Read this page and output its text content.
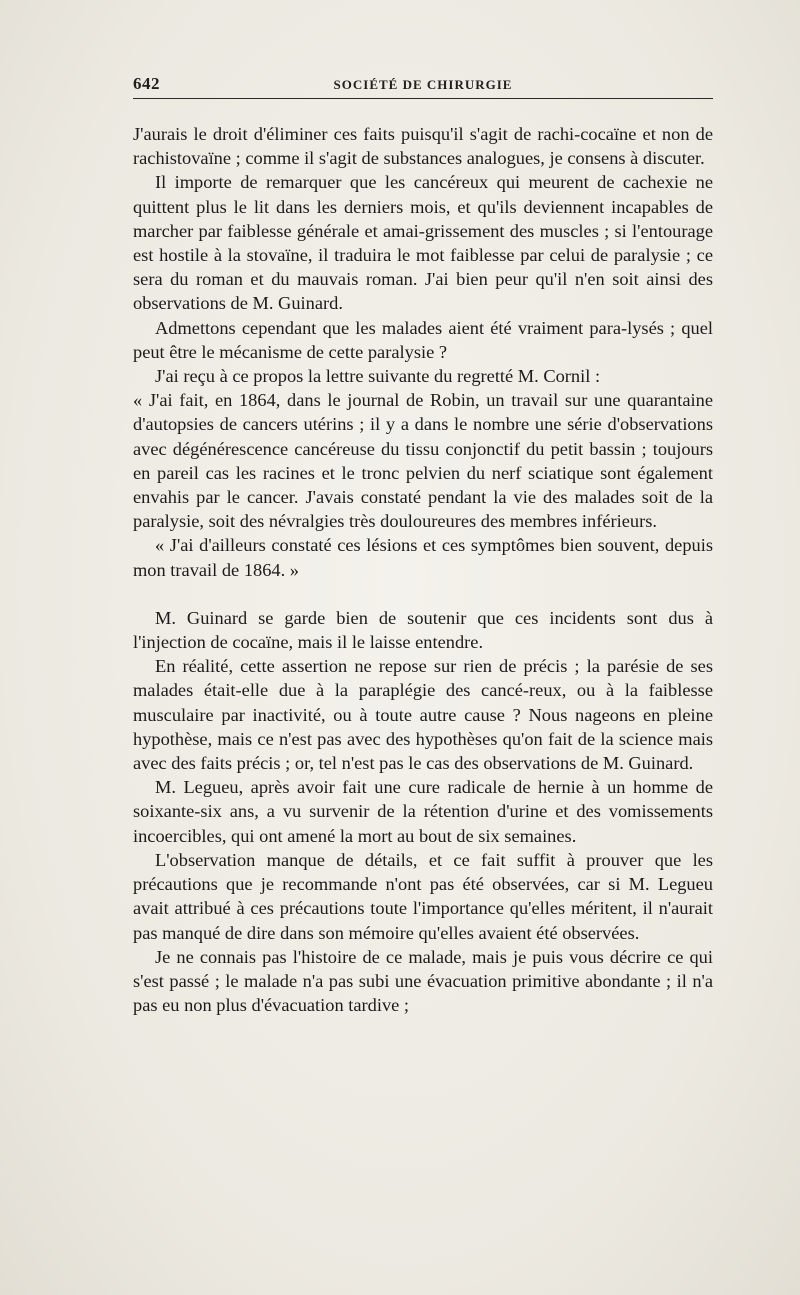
642	SOCIÉTÉ DE CHIRURGIE

J'aurais le droit d'éliminer ces faits puisqu'il s'agit de rachi-cocaïne et non de rachistovaïne ; comme il s'agit de substances analogues, je consens à discuter.

Il importe de remarquer que les cancéreux qui meurent de cachexie ne quittent plus le lit dans les derniers mois, et qu'ils deviennent incapables de marcher par faiblesse générale et amai-grissement des muscles ; si l'entourage est hostile à la stovaïne, il traduira le mot faiblesse par celui de paralysie ; ce sera du roman et du mauvais roman. J'ai bien peur qu'il n'en soit ainsi des observations de M. Guinard.

Admettons cependant que les malades aient été vraiment para-lysés ; quel peut être le mécanisme de cette paralysie ?

J'ai reçu à ce propos la lettre suivante du regretté M. Cornil :

« J'ai fait, en 1864, dans le journal de Robin, un travail sur une quarantaine d'autopsies de cancers utérins ; il y a dans le nombre une série d'observations avec dégénérescence cancéreuse du tissu conjonctif du petit bassin ; toujours en pareil cas les racines et le tronc pelvien du nerf sciatique sont également envahis par le cancer. J'avais constaté pendant la vie des malades soit de la paralysie, soit des névralgies très douloureures des membres inférieurs.

« J'ai d'ailleurs constaté ces lésions et ces symptômes bien souvent, depuis mon travail de 1864. »

M. Guinard se garde bien de soutenir que ces incidents sont dus à l'injection de cocaïne, mais il le laisse entendre.

En réalité, cette assertion ne repose sur rien de précis ; la parésie de ses malades était-elle due à la paraplégie des cancé-reux, ou à la faiblesse musculaire par inactivité, ou à toute autre cause ? Nous nageons en pleine hypothèse, mais ce n'est pas avec des hypothèses qu'on fait de la science mais avec des faits précis ; or, tel n'est pas le cas des observations de M. Guinard.

M. Legueu, après avoir fait une cure radicale de hernie à un homme de soixante-six ans, a vu survenir de la rétention d'urine et des vomissements incoercibles, qui ont amené la mort au bout de six semaines.

L'observation manque de détails, et ce fait suffit à prouver que les précautions que je recommande n'ont pas été observées, car si M. Legueu avait attribué à ces précautions toute l'importance qu'elles méritent, il n'aurait pas manqué de dire dans son mémoire qu'elles avaient été observées.

Je ne connais pas l'histoire de ce malade, mais je puis vous décrire ce qui s'est passé ; le malade n'a pas subi une évacuation primitive abondante ; il n'a pas eu non plus d'évacuation tardive ;
